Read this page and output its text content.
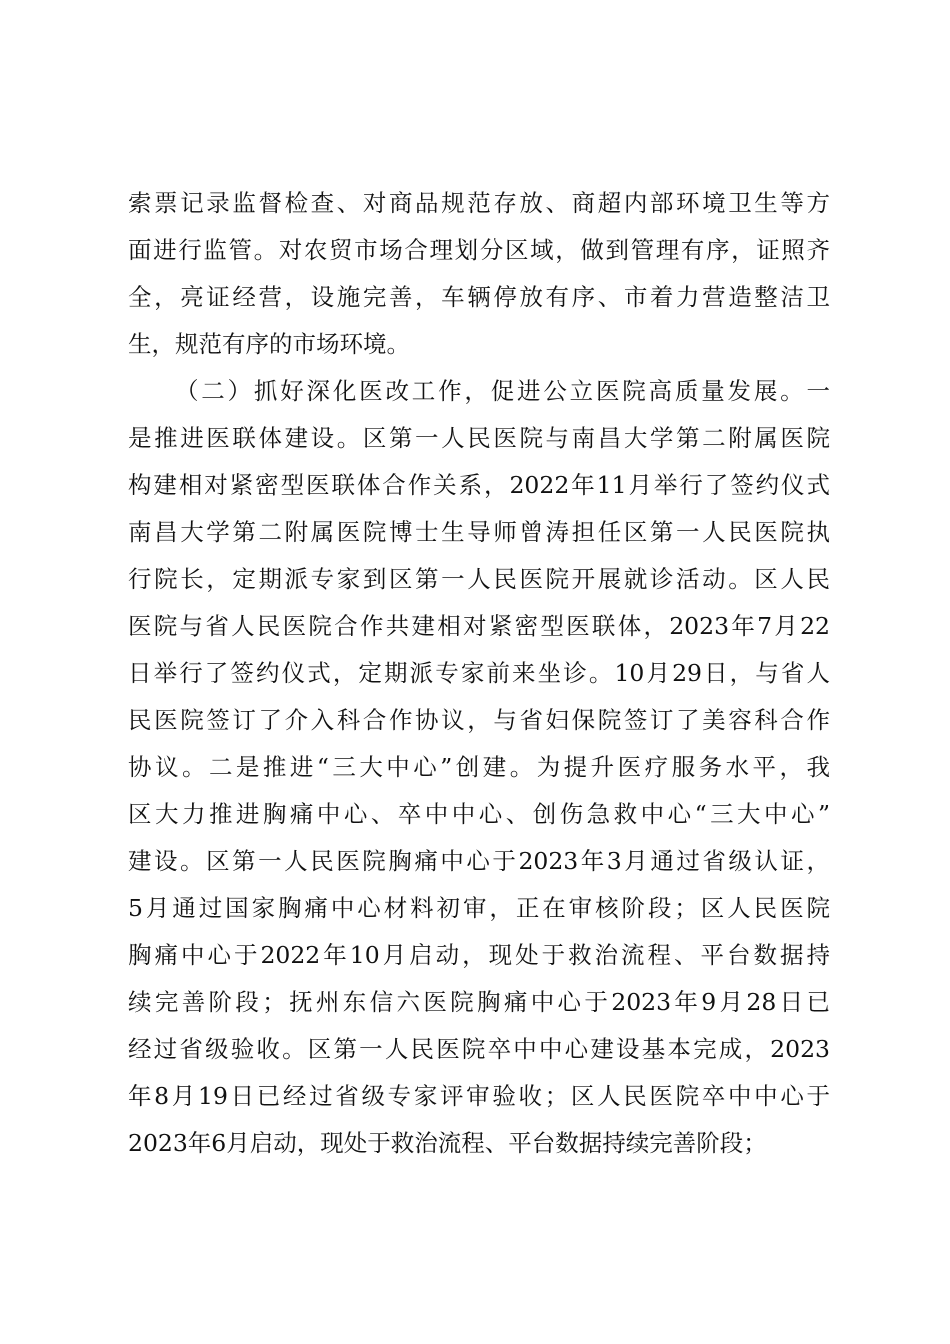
索票记录监督检查、对商品规范存放、商超内部环境卫生等方
面进行监管。对农贸市场合理划分区域，做到管理有序，证照齐
全，亮证经营，设施完善，车辆停放有序、市着力营造整洁卫
生，规范有序的市场环境。
（二）抓好深化医改工作，促进公立医院高质量发展。一
是推进医联体建设。区第一人民医院与南昌大学第二附属医院
构建相对紧密型医联体合作关系，2022年11月举行了签约仪式
南昌大学第二附属医院博士生导师曾涛担任区第一人民医院执
行院长，定期派专家到区第一人民医院开展就诊活动。区人民
医院与省人民医院合作共建相对紧密型医联体，2023年7月22
日举行了签约仪式，定期派专家前来坐诊。10月29日，与省人
民医院签订了介入科合作协议，与省妇保院签订了美容科合作
协议。二是推进“三大中心”创建。为提升医疗服务水平，我
区大力推进胸痛中心、卒中中心、创伤急救中心“三大中心”
建设。区第一人民医院胸痛中心于2023年3月通过省级认证，
5月通过国家胸痛中心材料初审，正在审核阶段；区人民医院
胸痛中心于2022年10月启动，现处于救治流程、平台数据持
续完善阶段；抚州东信六医院胸痛中心于2023年9月28日已
经过省级验收。区第一人民医院卒中中心建设基本完成，2023
年8月19日已经过省级专家评审验收；区人民医院卒中中心于
2023年6月启动，现处于救治流程、平台数据持续完善阶段；
